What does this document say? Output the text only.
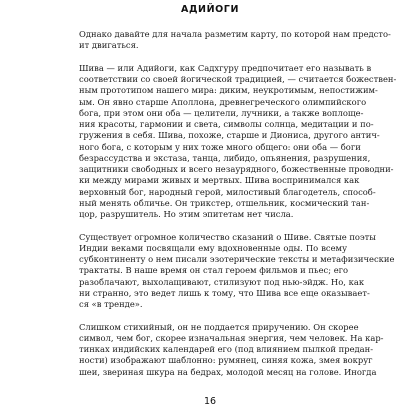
АДИЙОГИ
Однако давайте для начала разметим карту, по которой нам предсто-
ит двигаться.
Шива — или Адийоги, как Садхгуру предпочитает его называть в
соответствии со своей йогической традицией, — считается божествен-
ным прототипом нашего мира: диким, неукротимым, непостижим-
ым. Он явно старше Аполлона, древнегреческого олимпийского
бога, при этом они оба — целители, лучники, а также воплоще-
ния красоты, гармонии и света, символы солнца, медитации и по-
гружения в себя. Шива, похоже, старше и Диониса, другого антич-
ного бога, с которым у них тоже много общего: они оба — боги
безрассудства и экстаза, танца, либидо, опьянения, разрушения,
защитники свободных и всего незаурядного, божественные проводни-
ки между мирами живых и мертвых. Шива воспринимался как
верховный бог, народный герой, милостивый благодетель, способ-
ный менять обличье. Он трикстер, отшельник, космический тан-
цор, разрушитель. Но этим эпитетам нет числа.
Существует огромное количество сказаний о Шиве. Святые поэты
Индии веками посвящали ему вдохновенные оды. По всему
субконтиненту о нем писали эзотерические тексты и метафизические
трактаты. В наше время он стал героем фильмов и пьес; его
разоблачают, выхолащивают, стилизуют под нью-эйдж. Но, как
ни странно, это ведет лишь к тому, что Шива все еще оказывает-
ся «в тренде».
Слишком стихийный, он не поддается приручению. Он скорее
символ, чем бог, скорее изначальная энергия, чем человек. На кар-
тинках индийских календарей его (под влиянием пылкой предан-
ности) изображают шаблонно: румянец, синяя кожа, змея вокруг
шеи, звериная шкура на бедрах, молодой месяц на голове. Иногда
16
